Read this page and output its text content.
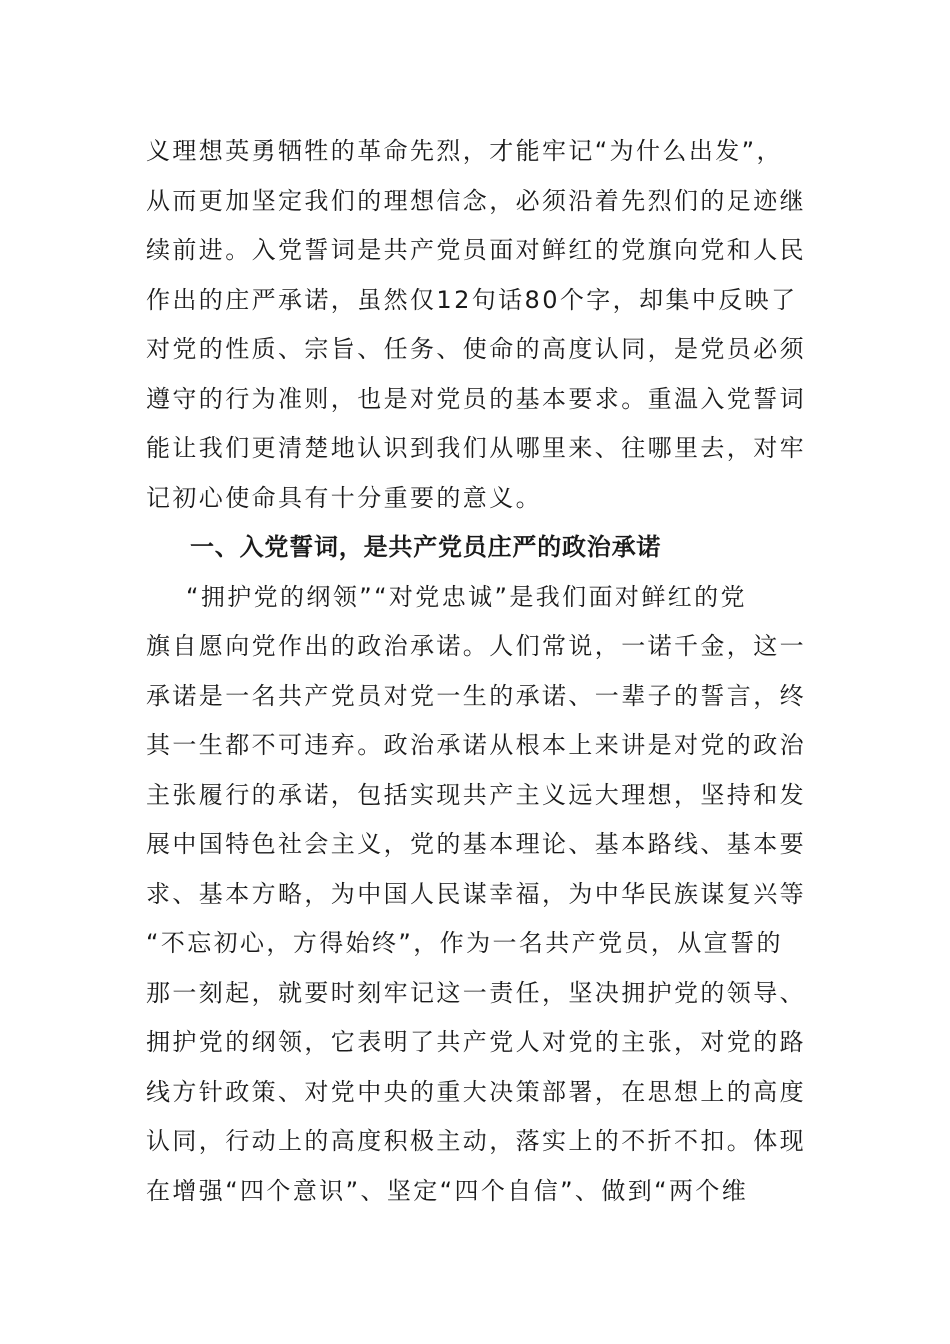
义理想英勇牺牲的革命先烈，才能牢记“为什么出发”，
从而更加坚定我们的理想信念，必须沿着先烈们的足迹继
续前进。入党誓词是共产党员面对鲜红的党旗向党和人民
作出的庄严承诺，虽然仅12句话80个字，却集中反映了
对党的性质、宗旨、任务、使命的高度认同，是党员必须
遵守的行为准则，也是对党员的基本要求。重温入党誓词
能让我们更清楚地认识到我们从哪里来、往哪里去，对牢
记初心使命具有十分重要的意义。
一、入党誓词，是共产党员庄严的政治承诺
“拥护党的纲领”“对党忠诚”是我们面对鲜红的党
旗自愿向党作出的政治承诺。人们常说，一诺千金，这一
承诺是一名共产党员对党一生的承诺、一辈子的誓言，终
其一生都不可违弃。政治承诺从根本上来讲是对党的政治
主张履行的承诺，包括实现共产主义远大理想，坚持和发
展中国特色社会主义，党的基本理论、基本路线、基本要
求、基本方略，为中国人民谋幸福，为中华民族谋复兴等
“不忘初心，方得始终”，作为一名共产党员，从宣誓的
那一刻起，就要时刻牢记这一责任，坚决拥护党的领导、
拥护党的纲领，它表明了共产党人对党的主张，对党的路
线方针政策、对党中央的重大决策部署，在思想上的高度
认同，行动上的高度积极主动，落实上的不折不扣。体现
在增强“四个意识”、坚定“四个自信”、做到“两个维
